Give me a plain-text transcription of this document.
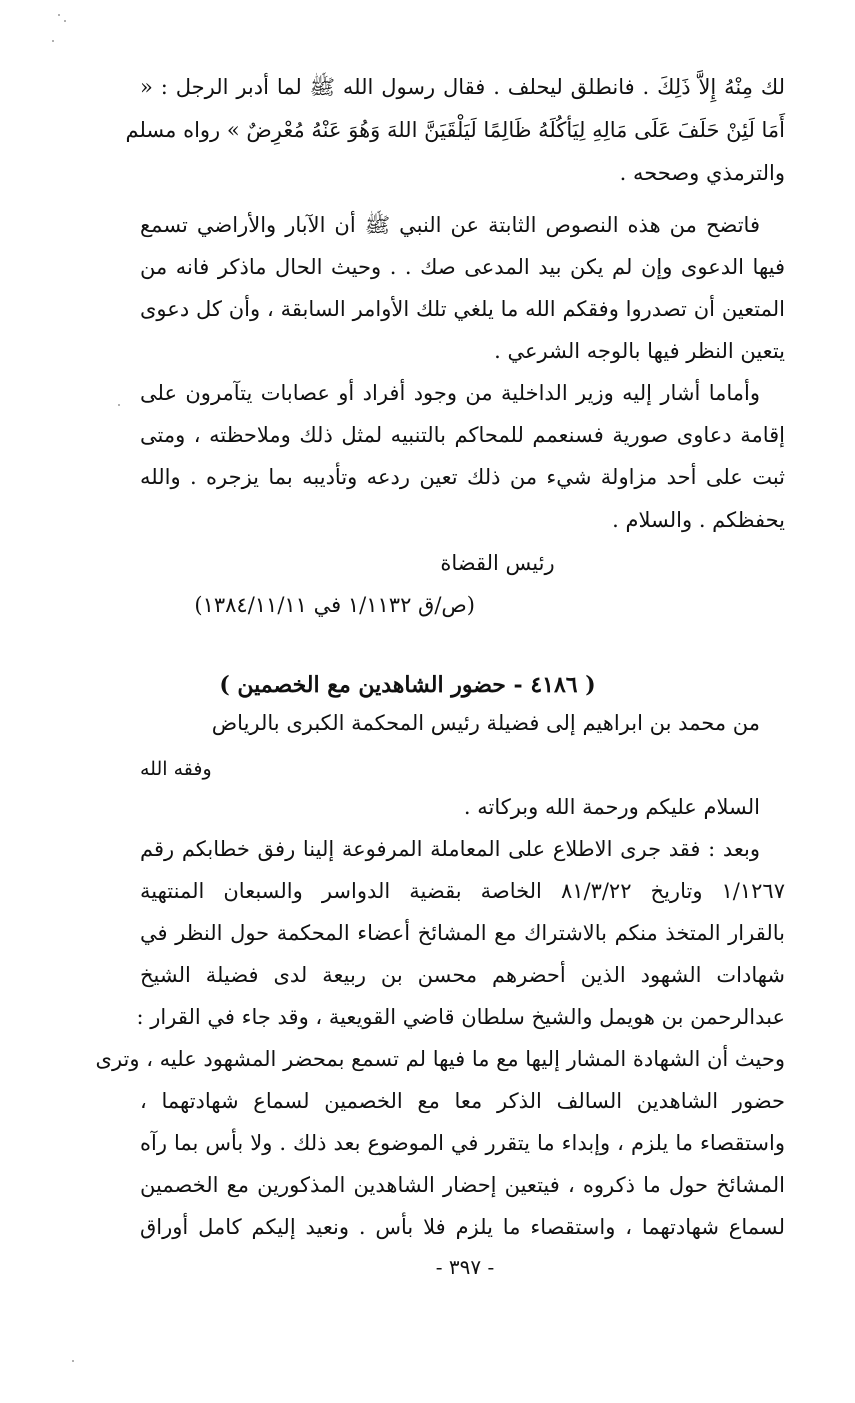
لك مِنْهُ إِلاَّ ذَلِكَ . فانطلق ليحلف . فقال رسول الله ﷺ لما أدبر الرجل : «
أَمَا لَئِنْ حَلَفَ عَلَى مَالِهِ لِيَأكُلَهُ ظَالِمًا لَيَلْقَيَنَّ اللهَ وَهُوَ عَنْهُ مُعْرِضٌ » رواه مسلم
والترمذي وصححه .
فاتضح من هذه النصوص الثابتة عن النبي ﷺ أن الآبار والأراضي تسمع
فيها الدعوى وإن لم يكن بيد المدعى صك . . وحيث الحال ماذكر فانه من
المتعين أن تصدروا وفقكم الله ما يلغي تلك الأوامر السابقة ، وأن كل دعوى
يتعين النظر فيها بالوجه الشرعي .
وأماما أشار إليه وزير الداخلية من وجود أفراد أو عصابات يتآمرون على
إقامة دعاوى صورية فسنعمم للمحاكم بالتنبيه لمثل ذلك وملاحظته ، ومتى
ثبت على أحد مزاولة شيء من ذلك تعين ردعه وتأديبه بما يزجره . والله
يحفظكم . والسلام .
رئيس القضاة
(ص/ق ١/١١٣٢ في ١٣٨٤/١١/١١)
( ٤١٨٦ - حضور الشاهدين مع الخصمين )
من محمد بن ابراهيم إلى فضيلة رئيس المحكمة الكبرى بالرياض
وفقه الله
السلام عليكم ورحمة الله وبركاته .
وبعد : فقد جرى الاطلاع على المعاملة المرفوعة إلينا رفق خطابكم رقم
١/١٢٦٧ وتاريخ ٨١/٣/٢٢ الخاصة بقضية الدواسر والسبعان المنتهية
بالقرار المتخذ منكم بالاشتراك مع المشائخ أعضاء المحكمة حول النظر في
شهادات الشهود الذين أحضرهم محسن بن ربيعة لدى فضيلة الشيخ
عبدالرحمن بن هويمل والشيخ سلطان قاضي القويعية ، وقد جاء في القرار :
وحيث أن الشهادة المشار إليها مع ما فيها لم تسمع بمحضر المشهود عليه ، وترى
حضور الشاهدين السالف الذكر معا مع الخصمين لسماع شهادتهما ،
واستقصاء ما يلزم ، وإبداء ما يتقرر في الموضوع بعد ذلك . ولا بأس بما رآه
المشائخ حول ما ذكروه ، فيتعين إحضار الشاهدين المذكورين مع الخصمين
لسماع شهادتهما ، واستقصاء ما يلزم فلا بأس . ونعيد إليكم كامل أوراق
- ٣٩٧ -
